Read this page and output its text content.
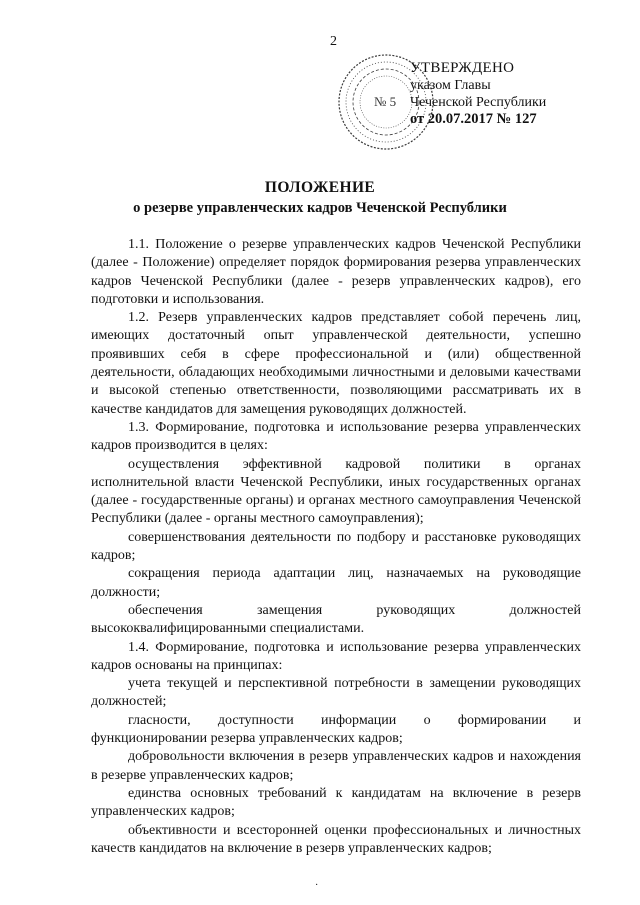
2
№ 5
УТВЕРЖДЕНО
указом Главы
Чеченской Республики
от 20.07.2017 № 127
ПОЛОЖЕНИЕ
о резерве управленческих кадров Чеченской Республики

1.1. Положение о резерве управленческих кадров Чеченской Республики (далее - Положение) определяет порядок формирования резерва управленческих кадров Чеченской Республики (далее - резерв управленческих кадров), его подготовки и использования.

1.2. Резерв управленческих кадров представляет собой перечень лиц, имеющих достаточный опыт управленческой деятельности, успешно проявивших себя в сфере профессиональной и (или) общественной деятельности, обладающих необходимыми личностными и деловыми качествами и высокой степенью ответственности, позволяющими рассматривать их в качестве кандидатов для замещения руководящих должностей.

1.3. Формирование, подготовка и использование резерва управленческих кадров производится в целях:

осуществления эффективной кадровой политики в органах исполнительной власти Чеченской Республики, иных государственных органах (далее - государственные органы) и органах местного самоуправления Чеченской Республики (далее - органы местного самоуправления);

совершенствования деятельности по подбору и расстановке руководящих кадров;

сокращения периода адаптации лиц, назначаемых на руководящие должности;

обеспечения замещения руководящих должностей высококвалифицированными специалистами.

1.4. Формирование, подготовка и использование резерва управленческих кадров основаны на принципах:

учета текущей и перспективной потребности в замещении руководящих должностей;

гласности, доступности информации о формировании и функционировании резерва управленческих кадров;

добровольности включения в резерв управленческих кадров и нахождения в резерве управленческих кадров;

единства основных требований к кандидатам на включение в резерв управленческих кадров;

объективности и всесторонней оценки профессиональных и личностных качеств кандидатов на включение в резерв управленческих кадров;

·
